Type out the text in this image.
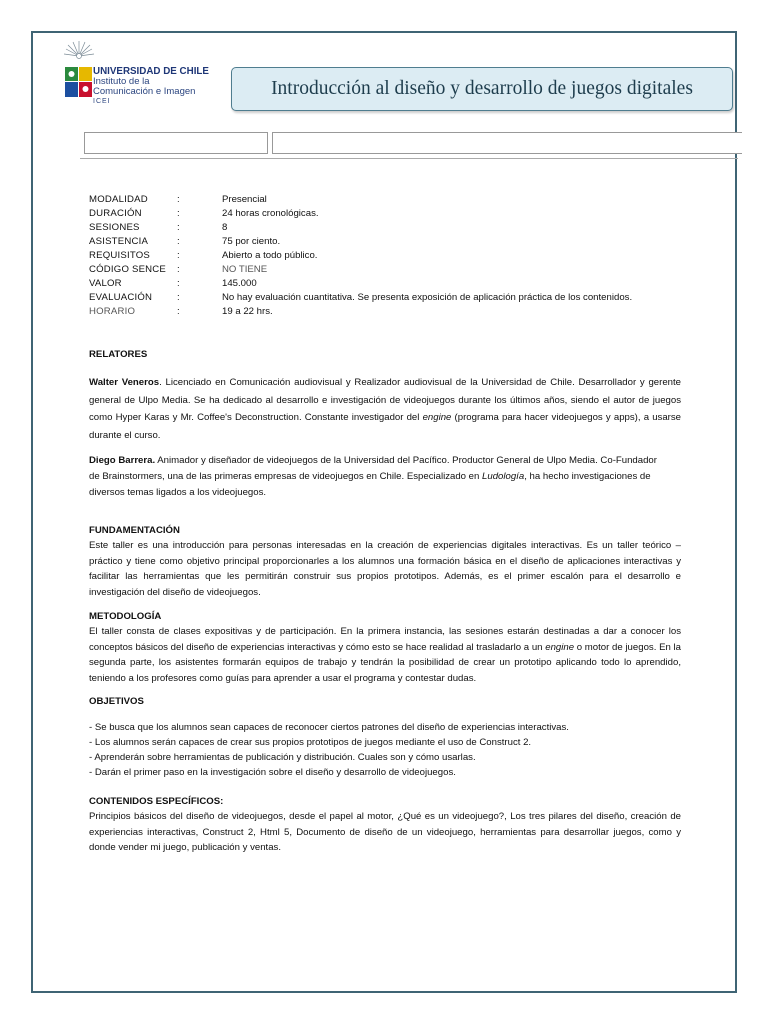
UNIVERSIDAD DE CHILE
Instituto de la
Comunicación e Imagen
ICEI
Introducción al diseño y desarrollo de juegos digitales
MODALIDAD	:	Presencial
DURACIÓN	:	24 horas cronológicas.
SESIONES	:	8
ASISTENCIA	:	75 por ciento.
REQUISITOS	:	Abierto a todo público.
CÓDIGO SENCE	:	NO TIENE
VALOR	:	145.000
EVALUACIÓN	:	No hay evaluación cuantitativa. Se presenta exposición de aplicación práctica de los contenidos.
HORARIO	:	19 a 22 hrs.
RELATORES
Walter Veneros. Licenciado en Comunicación audiovisual y Realizador audiovisual de la Universidad de Chile. Desarrollador y gerente general de Ulpo Media. Se ha dedicado al desarrollo e investigación de videojuegos durante los últimos años, siendo el autor de juegos como Hyper Karas y Mr. Coffee's Deconstruction. Constante investigador del engine (programa para hacer videojuegos y apps), a usarse durante el curso.
Diego Barrera. Animador y diseñador de videojuegos de la Universidad del Pacífico. Productor General de Ulpo Media. Co-Fundador de Brainstormers, una de las primeras empresas de videojuegos en Chile. Especializado en Ludología, ha hecho investigaciones de diversos temas ligados a los videojuegos.
FUNDAMENTACIÓN
Este taller es una introducción para personas interesadas en la creación de experiencias digitales interactivas. Es un taller teórico – práctico y tiene como objetivo principal proporcionarles a los alumnos una formación básica en el diseño de aplicaciones interactivas y facilitar las herramientas que les permitirán construir sus propios prototipos. Además, es el primer escalón para el desarrollo e investigación del diseño de videojuegos.
METODOLOGÍA
El taller consta de clases expositivas y de participación. En la primera instancia, las sesiones estarán destinadas a dar a conocer los conceptos básicos del diseño de experiencias interactivas y cómo esto se hace realidad al trasladarlo a un engine o motor de juegos. En la segunda parte, los asistentes formarán equipos de trabajo y tendrán la posibilidad de crear un prototipo aplicando todo lo aprendido, teniendo a los profesores como guías para aprender a usar el programa y contestar dudas.
OBJETIVOS
- Se busca que los alumnos sean capaces de reconocer ciertos patrones del diseño de experiencias interactivas.
- Los alumnos serán capaces de crear sus propios prototipos de juegos mediante el uso de Construct 2.
- Aprenderán sobre herramientas de publicación y distribución. Cuales son y cómo usarlas.
- Darán el primer paso en la investigación sobre el diseño y desarrollo de videojuegos.
CONTENIDOS ESPECÍFICOS:
Principios básicos del diseño de videojuegos, desde el papel al motor, ¿Qué es un videojuego?, Los tres pilares del diseño, creación de experiencias interactivas, Construct 2, Html 5, Documento de diseño de un videojuego, herramientas para desarrollar juegos, como y donde vender mi juego, publicación y ventas.
